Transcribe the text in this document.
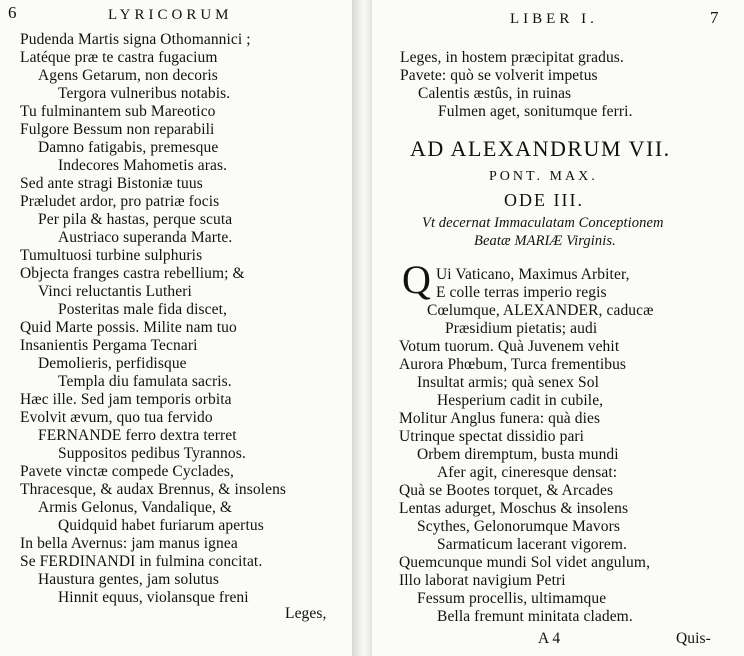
6	LYRICORUM
Pudenda Martis signa Othomannici ;
Latéque præ te castra fugacium
Agens Getarum, non decoris
Tergora vulneribus notabis.
Tu fulminantem sub Mareotico
Fulgore Bessum non reparabili
Damno fatigabis, premesque
Indecores Mahometis aras.
Sed ante stragi Bistoniæ tuus
Præludet ardor, pro patriæ focis
Per pila & hastas, perque scuta
Austriaco superanda Marte.
Tumultuosi turbine sulphuris
Objecta franges castra rebellium; &
Vinci reluctantis Lutheri
Posteritas male fida discet,
Quid Marte possis. Milite nam tuo
Insanientis Pergama Tecnari
Demolieris, perfidisque
Templa diu famulata sacris.
Hæc ille. Sed jam temporis orbita
Evolvit ævum, quo tua fervido
FERNANDE ferro dextra terret
Suppositos pedibus Tyrannos.
Pavete vinctæ compede Cyclades,
Thracesque, & audax Brennus, & insolens
Armis Gelonus, Vandalique, &
Quidquid habet furiarum apertus
In bella Avernus: jam manus ignea
Se FERDINANDI in fulmina concitat.
Haustura gentes, jam solutus
Hinnit equus, violansque freni
Leges,
LIBER I.	7
Leges, in hostem præcipitat gradus.
Pavete: quò se volverit impetus
Calentis æstûs, in ruinas
Fulmen aget, sonitumque ferri.
AD ALEXANDRUM VII.
PONT. MAX.
ODE III.
Vt decernat Immaculatam Conceptionem
Beatæ MARIÆ Virginis.
Q Ui Vaticano, Maximus Arbiter,
E colle terras imperio regis
Cœlumque, ALEXANDER, caducæ
Præsidium pietatis; audi
Votum tuorum. Quà Juvenem vehit
Aurora Phœbum, Turca frementibus
Insultat armis; quà senex Sol
Hesperium cadit in cubile,
Molitur Anglus funera: quà dies
Utrinque spectat dissidio pari
Orbem diremptum, busta mundi
Afer agit, cineresque densat:
Quà se Bootes torquet, & Arcades
Lentas adurget, Moschus & insolens
Scythes, Gelonorumque Mavors
Sarmaticum lacerant vigorem.
Quemcunque mundi Sol videt angulum,
Illo laborat navigium Petri
Fessum procellis, ultimamque
Bella fremunt minitata cladem.
A 4	Quis-
